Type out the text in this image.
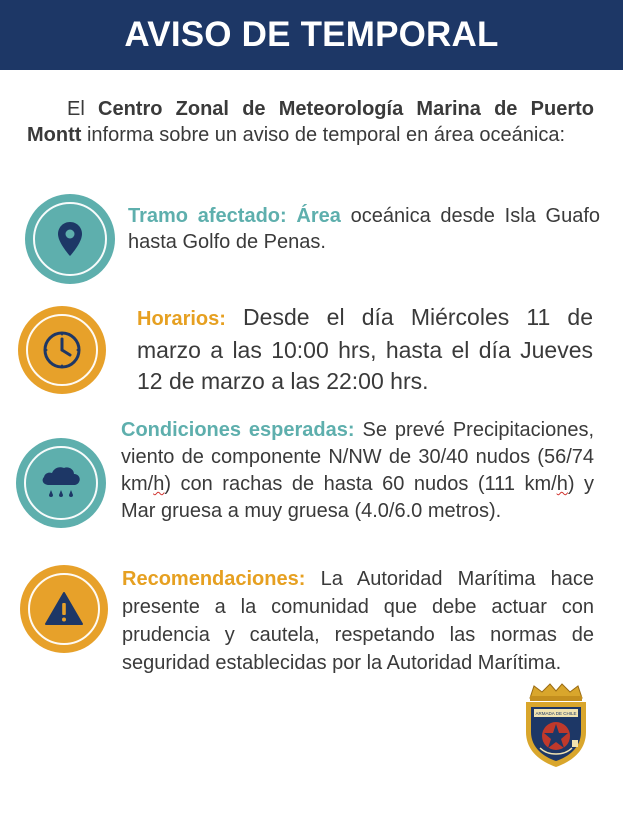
AVISO DE TEMPORAL

El Centro Zonal de Meteorología Marina de Puerto Montt informa sobre un aviso de temporal en área oceánica:

Tramo afectado: Área oceánica desde Isla Guafo hasta Golfo de Penas.

Horarios: Desde el día Miércoles 11 de marzo a las 10:00 hrs, hasta el día Jueves 12 de marzo a las 22:00 hrs.

Condiciones esperadas: Se prevé Precipitaciones, viento de componente N/NW de 30/40 nudos (56/74 km/h) con rachas de hasta 60 nudos (111 km/h) y Mar gruesa a muy gruesa (4.0/6.0 metros).

Recomendaciones: La Autoridad Marítima hace presente a la comunidad que debe actuar con prudencia y cautela, respetando las normas de seguridad establecidas por la Autoridad Marítima.

ARMADA DE CHILE
